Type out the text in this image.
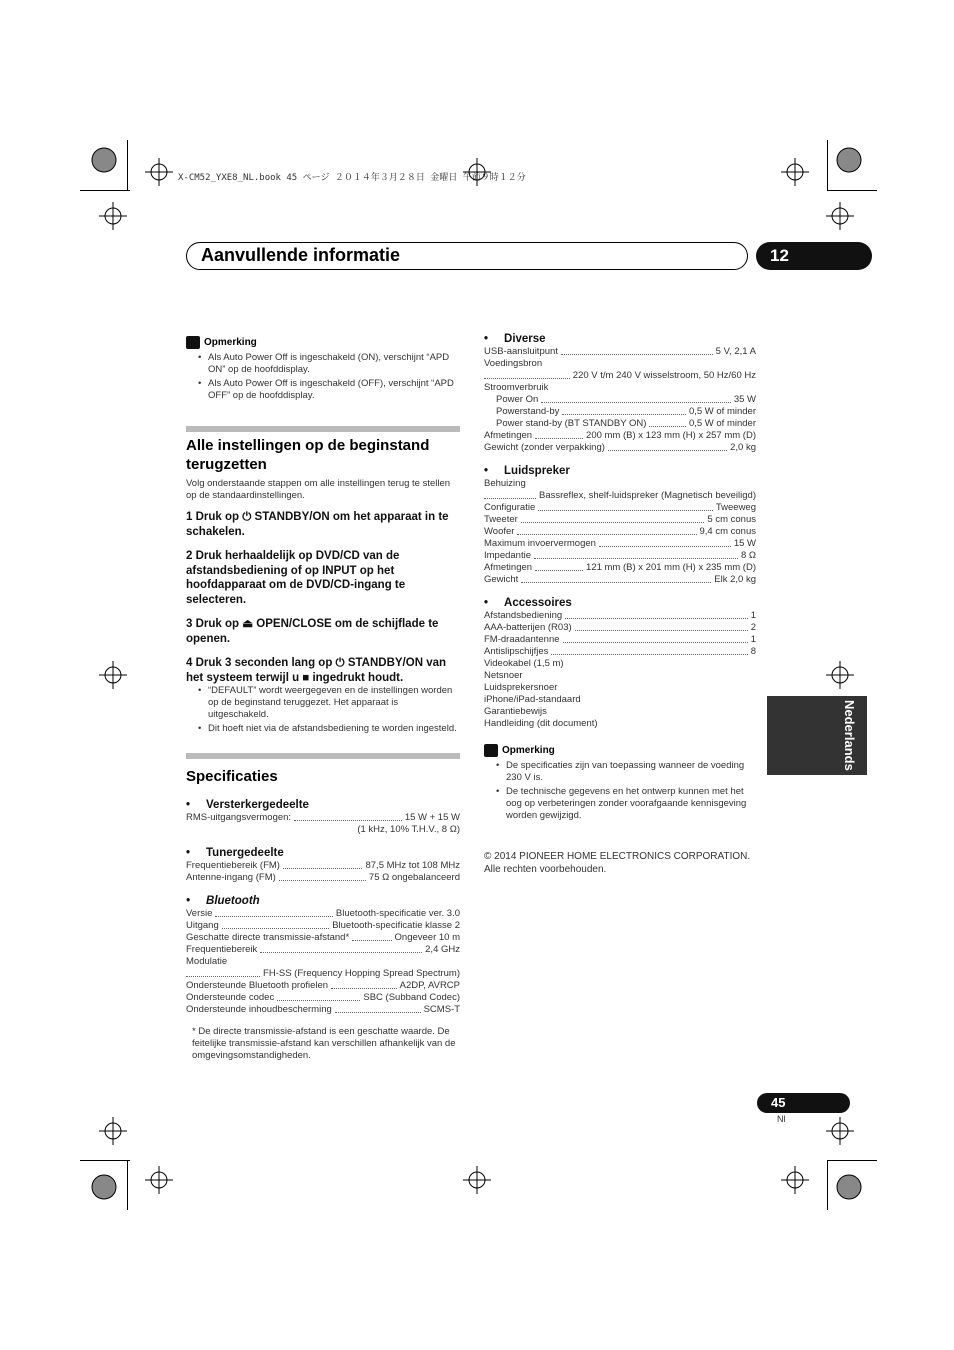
X-CM52_YXE8_NL.book 45 ページ ２０１４年３月２８日 金曜日 午前９時１２分
Aanvullende informatie	12
Nederlands
Opmerking
• Als Auto Power Off is ingeschakeld (ON), verschijnt “APD ON” op de hoofddisplay.
• Als Auto Power Off is ingeschakeld (OFF), verschijnt “APD OFF” op de hoofddisplay.
Alle instellingen op de beginstand terugzetten
Volg onderstaande stappen om alle instellingen terug te stellen op de standaardinstellingen.
1 Druk op ⏻ STANDBY/ON om het apparaat in te schakelen.
2 Druk herhaaldelijk op DVD/CD van de afstandsbediening of op INPUT op het hoofdapparaat om de DVD/CD-ingang te selecteren.
3 Druk op ⏏ OPEN/CLOSE om de schijflade te openen.
4 Druk 3 seconden lang op ⏻ STANDBY/ON van het systeem terwijl u ■ ingedrukt houdt.
• “DEFAULT” wordt weergegeven en de instellingen worden op de beginstand teruggezet. Het apparaat is uitgeschakeld.
• Dit hoeft niet via de afstandsbediening te worden ingesteld.
Specificaties
•     Versterkergedeelte
RMS-uitgangsvermogen:	15 W + 15 W
(1 kHz, 10% T.H.V., 8 Ω)
•     Tunergedeelte
Frequentiebereik (FM)	87,5 MHz tot 108 MHz
Antenne-ingang (FM)	75 Ω ongebalanceerd
•     Bluetooth
Versie	Bluetooth-specificatie ver. 3.0
Uitgang	Bluetooth-specificatie klasse 2
Geschatte directe transmissie-afstand*	Ongeveer 10 m
Frequentiebereik	2,4 GHz
Modulatie
FH-SS (Frequency Hopping Spread Spectrum)
Ondersteunde Bluetooth profielen	A2DP, AVRCP
Ondersteunde codec	SBC (Subband Codec)
Ondersteunde inhoudbescherming	SCMS-T
* De directe transmissie-afstand is een geschatte waarde. De feitelijke transmissie-afstand kan verschillen afhankelijk van de omgevingsomstandigheden.
•     Diverse
USB-aansluitpunt	5 V, 2,1 A
Voedingsbron
220 V t/m 240 V wisselstroom, 50 Hz/60 Hz
Stroomverbruik
Power On	35 W
Powerstand-by	0,5 W of minder
Power stand-by (BT STANDBY ON)	0,5 W of minder
Afmetingen	200 mm (B) x 123 mm (H) x 257 mm (D)
Gewicht (zonder verpakking)	2,0 kg
•     Luidspreker
Behuizing
Bassreflex, shelf-luidspreker (Magnetisch beveiligd)
Configuratie	Tweeweg
Tweeter	5 cm conus
Woofer	9,4 cm conus
Maximum invoervermogen	15 W
Impedantie	8 Ω
Afmetingen	121 mm (B) x 201 mm (H) x 235 mm (D)
Gewicht	Elk 2,0 kg
•     Accessoires
Afstandsbediening	1
AAA-batterijen (R03)	2
FM-draadantenne	1
Antislipschijfjes	8
Videokabel (1,5 m)
Netsnoer
Luidsprekersnoer
iPhone/iPad-standaard
Garantiebewijs
Handleiding (dit document)
Opmerking
• De specificaties zijn van toepassing wanneer de voeding 230 V is.
• De technische gegevens en het ontwerp kunnen met het oog op verbeteringen zonder voorafgaande kennisgeving worden gewijzigd.
© 2014 PIONEER HOME ELECTRONICS CORPORATION. Alle rechten voorbehouden.
45
Nl
